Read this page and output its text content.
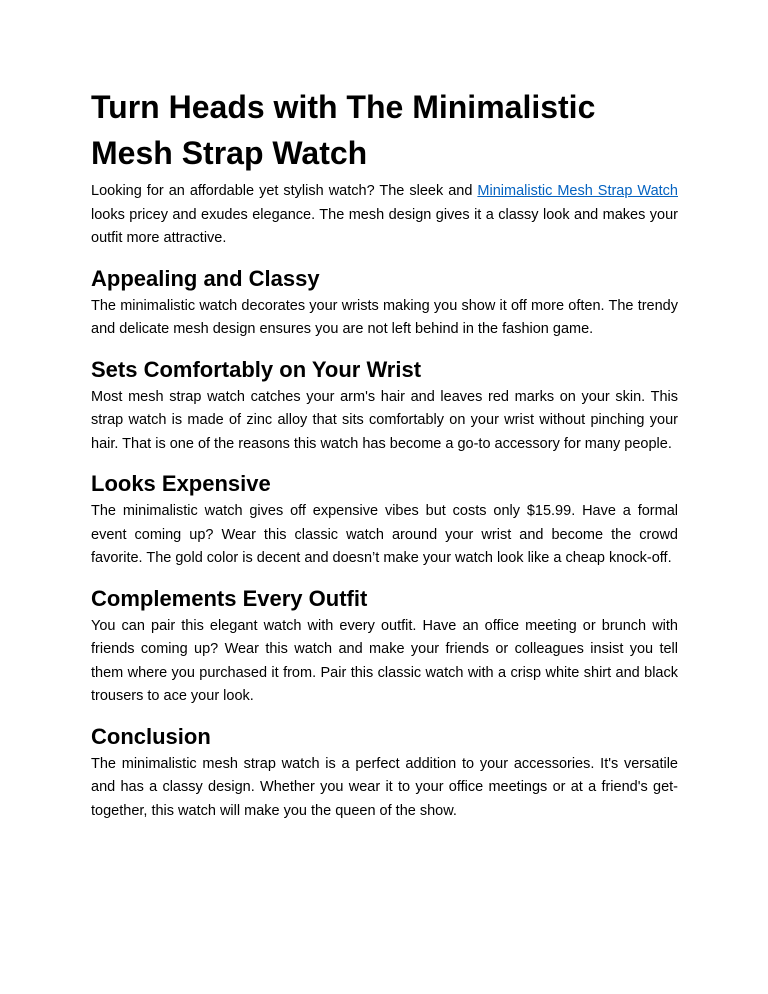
Turn Heads with The Minimalistic Mesh Strap Watch

Looking for an affordable yet stylish watch? The sleek and Minimalistic Mesh Strap Watch looks pricey and exudes elegance. The mesh design gives it a classy look and makes your outfit more attractive.

Appealing and Classy

The minimalistic watch decorates your wrists making you show it off more often. The trendy and delicate mesh design ensures you are not left behind in the fashion game.

Sets Comfortably on Your Wrist

Most mesh strap watch catches your arm's hair and leaves red marks on your skin. This strap watch is made of zinc alloy that sits comfortably on your wrist without pinching your hair. That is one of the reasons this watch has become a go-to accessory for many people.

Looks Expensive

The minimalistic watch gives off expensive vibes but costs only $15.99. Have a formal event coming up? Wear this classic watch around your wrist and become the crowd favorite. The gold color is decent and doesn’t make your watch look like a cheap knock-off.

Complements Every Outfit

You can pair this elegant watch with every outfit. Have an office meeting or brunch with friends coming up? Wear this watch and make your friends or colleagues insist you tell them where you purchased it from. Pair this classic watch with a crisp white shirt and black trousers to ace your look.

Conclusion

The minimalistic mesh strap watch is a perfect addition to your accessories. It's versatile and has a classy design. Whether you wear it to your office meetings or at a friend's get-together, this watch will make you the queen of the show.
